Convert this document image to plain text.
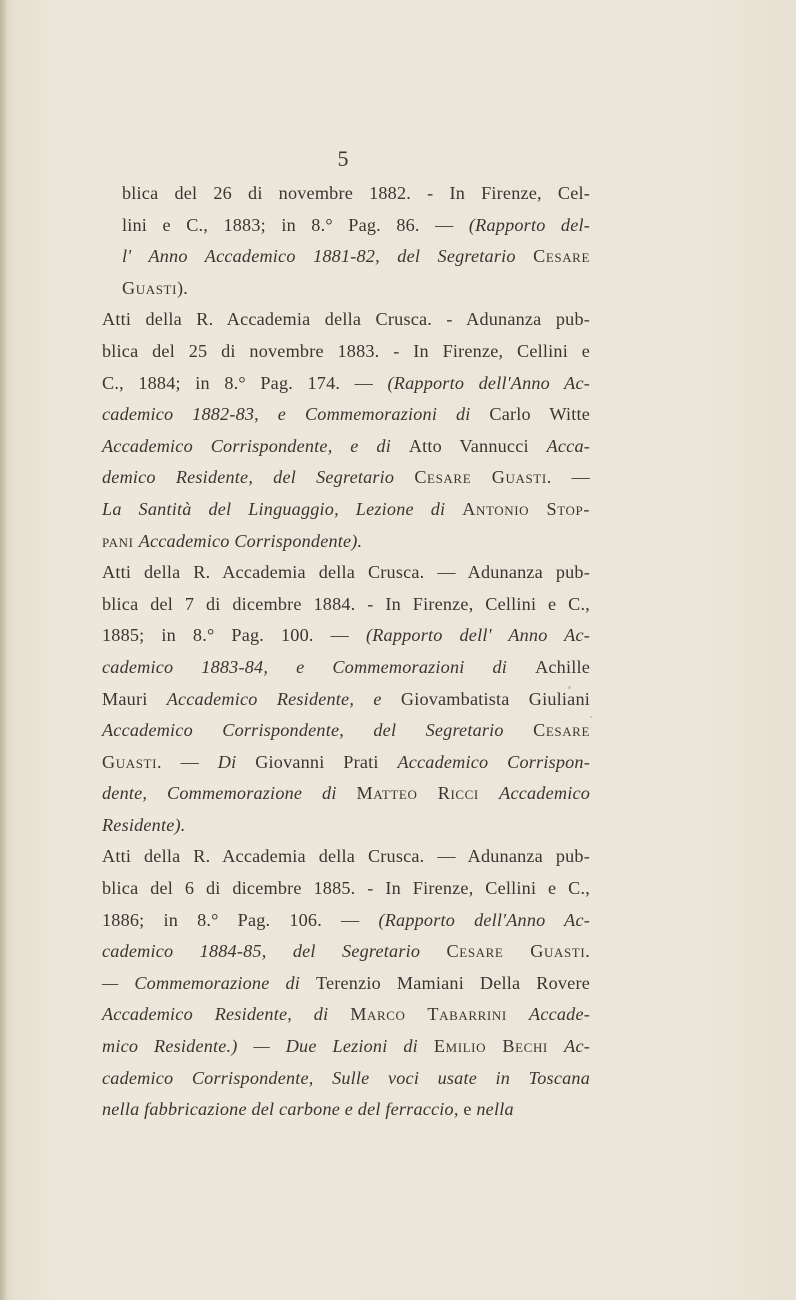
5
blica del 26 di novembre 1882. - In Firenze, Cel-
lini e C., 1883; in 8.° Pag. 86. — (Rapporto del-
l' Anno Accademico 1881-82, del Segretario Cesare
Guasti).
Atti della R. Accademia della Crusca. - Adunanza pub-
blica del 25 di novembre 1883. - In Firenze, Cellini e
C., 1884; in 8.° Pag. 174. — (Rapporto dell'Anno Ac-
cademico 1882-83, e Commemorazioni di Carlo Witte
Accademico Corrispondente, e di Atto Vannucci Acca-
demico Residente, del Segretario Cesare Guasti. —
La Santità del Linguaggio, Lezione di Antonio Stop-
pani Accademico Corrispondente).
Atti della R. Accademia della Crusca. — Adunanza pub-
blica del 7 di dicembre 1884. - In Firenze, Cellini e C.,
1885; in 8.° Pag. 100. — (Rapporto dell' Anno Ac-
cademico 1883-84, e Commemorazioni di Achille
Mauri Accademico Residente, e Giovambatista Giuliani
Accademico Corrispondente, del Segretario Cesare
Guasti. — Di Giovanni Prati Accademico Corrispon-
dente, Commemorazione di Matteo Ricci Accademico
Residente).
Atti della R. Accademia della Crusca. — Adunanza pub-
blica del 6 di dicembre 1885. - In Firenze, Cellini e C.,
1886; in 8.° Pag. 106. — (Rapporto dell'Anno Ac-
cademico 1884-85, del Segretario Cesare Guasti.
— Commemorazione di Terenzio Mamiani Della Rovere
Accademico Residente, di Marco Tabarrini Accade-
mico Residente.) — Due Lezioni di Emilio Bechi Ac-
cademico Corrispondente, Sulle voci usate in Toscana
nella fabbricazione del carbone e del ferraccio, e nella
